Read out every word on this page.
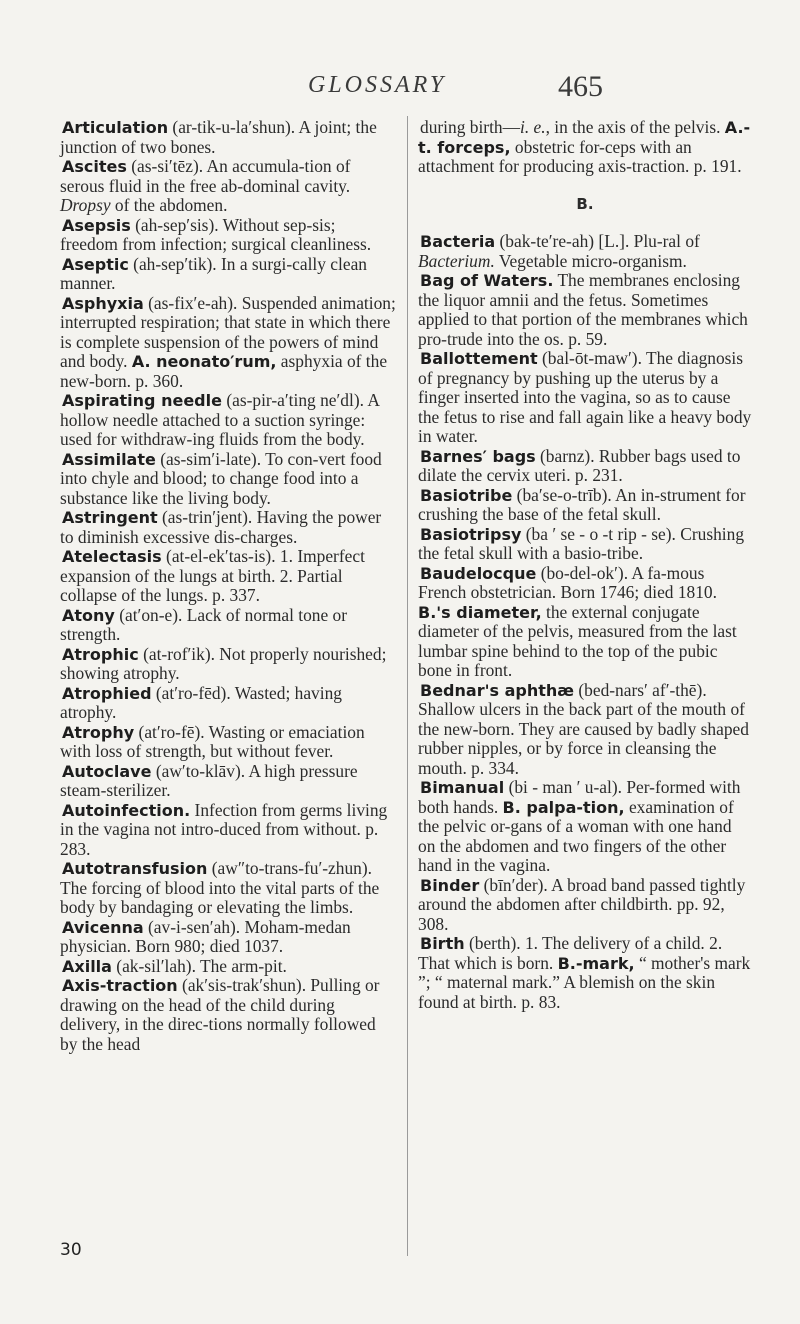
GLOSSARY	465

Articulation (ar-tik-u-la′shun). A joint; the junction of two bones.

Ascites (as-si′tēz). An accumula-tion of serous fluid in the free ab-dominal cavity. Dropsy of the abdomen.

Asepsis (ah-sep′sis). Without sep-sis; freedom from infection; surgical cleanliness.

Aseptic (ah-sep′tik). In a surgi-cally clean manner.

Asphyxia (as-fix′e-ah). Suspended animation; interrupted respiration; that state in which there is complete suspension of the powers of mind and body. A. neonato′rum, asphyxia of the new-born. p. 360.

Aspirating needle (as-pir-a′ting ne′dl). A hollow needle attached to a suction syringe: used for withdraw-ing fluids from the body.

Assimilate (as-sim′i-late). To con-vert food into chyle and blood; to change food into a substance like the living body.

Astringent (as-trin′jent). Having the power to diminish excessive dis-charges.

Atelectasis (at-el-ek′tas-is). 1. Imperfect expansion of the lungs at birth. 2. Partial collapse of the lungs. p. 337.

Atony (at′on-e). Lack of normal tone or strength.

Atrophic (at-rof′ik). Not properly nourished; showing atrophy.

Atrophied (at′ro-fēd). Wasted; having atrophy.

Atrophy (at′ro-fē). Wasting or emaciation with loss of strength, but without fever.

Autoclave (aw′to-klāv). A high pressure steam-sterilizer.

Autoinfection. Infection from germs living in the vagina not intro-duced from without. p. 283.

Autotransfusion (aw″to-trans-fu′-zhun). The forcing of blood into the vital parts of the body by bandaging or elevating the limbs.

Avicenna (av-i-sen′ah). Moham-medan physician. Born 980; died 1037.

Axilla (ak-sil′lah). The arm-pit.

Axis-traction (ak′sis-trak′shun). Pulling or drawing on the head of the child during delivery, in the direc-tions normally followed by the head

during birth—i. e., in the axis of the pelvis. A.-t. forceps, obstetric for-ceps with an attachment for producing axis-traction. p. 191.

B.

Bacteria (bak-te′re-ah) [L.]. Plu-ral of Bacterium. Vegetable micro-organism.

Bag of Waters. The membranes enclosing the liquor amnii and the fetus. Sometimes applied to that portion of the membranes which pro-trude into the os. p. 59.

Ballottement (bal-ōt-maw′). The diagnosis of pregnancy by pushing up the uterus by a finger inserted into the vagina, so as to cause the fetus to rise and fall again like a heavy body in water.

Barnes′ bags (barnz). Rubber bags used to dilate the cervix uteri. p. 231.

Basiotribe (ba′se-o-trīb). An in-strument for crushing the base of the fetal skull.

Basiotripsy (ba ′ se - o -t rip - se). Crushing the fetal skull with a basio-tribe.

Baudelocque (bo-del-ok′). A fa-mous French obstetrician. Born 1746; died 1810. B.'s diameter, the external conjugate diameter of the pelvis, measured from the last lumbar spine behind to the top of the pubic bone in front.

Bednar's aphthæ (bed-nars′ af′-thē). Shallow ulcers in the back part of the mouth of the new-born. They are caused by badly shaped rubber nipples, or by force in cleansing the mouth. p. 334.

Bimanual (bi - man ′ u-al). Per-formed with both hands. B. palpa-tion, examination of the pelvic or-gans of a woman with one hand on the abdomen and two fingers of the other hand in the vagina.

Binder (bīn′der). A broad band passed tightly around the abdomen after childbirth. pp. 92, 308.

Birth (berth). 1. The delivery of a child. 2. That which is born. B.-mark, “ mother's mark ”; “ maternal mark.” A blemish on the skin found at birth. p. 83.

30
